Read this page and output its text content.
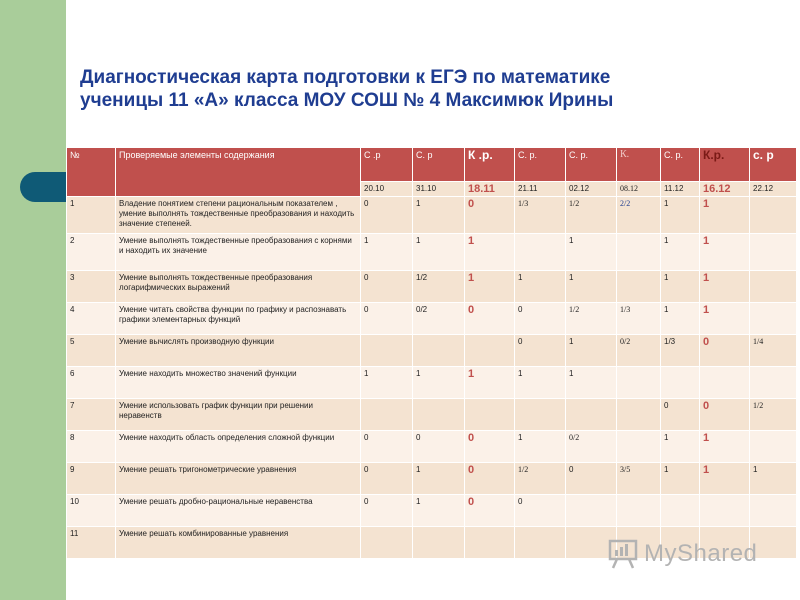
Диагностическая карта подготовки к ЕГЭ по математике
ученицы 11 «А» класса МОУ СОШ № 4 Максимюк Ирины
№	Проверяемые элементы содержания	С .р	С. р	К .р.	С. р.	С. р.	К.	С. р.	К.р.	с. р
		20.10	31.10	18.11	21.11	02.12	08.12	11.12	16.12	22.12
1	Владение понятием степени рациональным показателем , умение выполнять тождественные преобразования и находить значение степеней.	0	1	0	1/3	1/2	2/2	1	1	
2	Умение выполнять тождественные преобразования с корнями и находить их значение	1	1	1		1		1	1	
3	Умение выполнять тождественные преобразования логарифмических выражений	0	1/2	1	1	1		1	1	
4	Умение читать свойства функции по графику и распознавать графики элементарных функций	0	0/2	0	0	1/2	1/3	1	1	
5	Умение вычислять производную функции				0	1	0/2	1/3	0	1/4
6	Умение находить множество значений функции	1	1	1	1	1				
7	Умение использовать график функции при решении неравенств							0	0	1/2
8	Умение находить область определения сложной функции	0	0	0	1	0/2		1	1	
9	Умение решать тригонометрические уравнения	0	1	0	1/2	0	3/5	1	1	1
10	Умение решать дробно-рациональные неравенства	0	1	0	0					
11	Умение решать комбинированные уравнения									
MyShared
